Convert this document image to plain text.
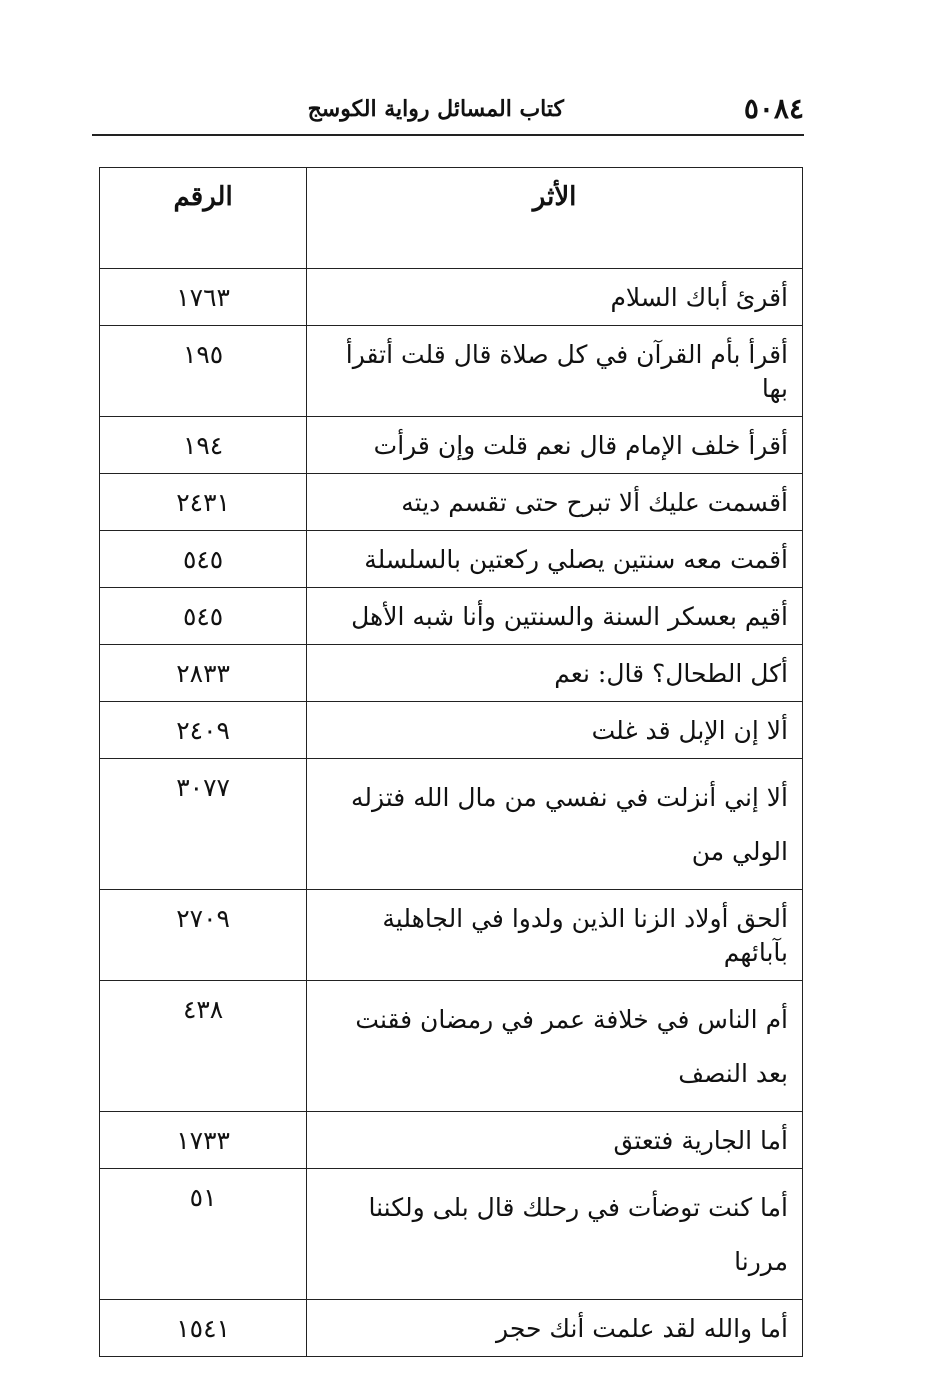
٥٠٨٤
كتاب المسائل رواية الكوسج
الأثر	الرقم
أقرئ أباك السلام	١٧٦٣
أقرأ بأم القرآن في كل صلاة قال قلت أتقرأ بها	١٩٥
أقرأ خلف الإمام قال نعم قلت وإن قرأت	١٩٤
أقسمت عليك ألا تبرح حتى تقسم ديته	٢٤٣١
أقمت معه سنتين يصلي ركعتين بالسلسلة	٥٤٥
أقيم بعسكر السنة والسنتين وأنا شبه الأهل	٥٤٥
أكل الطحال؟ قال: نعم	٢٨٣٣
ألا إن الإبل قد غلت	٢٤٠٩
ألا إني أنزلت في نفسي من مال الله فتزله الولي من	٣٠٧٧
ألحق أولاد الزنا الذين ولدوا في الجاهلية بآبائهم	٢٧٠٩
أم الناس في خلافة عمر في رمضان فقنت بعد النصف	٤٣٨
أما الجارية فتعتق	١٧٣٣
أما كنت توضأت في رحلك قال بلى ولكننا مررنا	٥١
أما والله لقد علمت أنك حجر	١٥٤١
